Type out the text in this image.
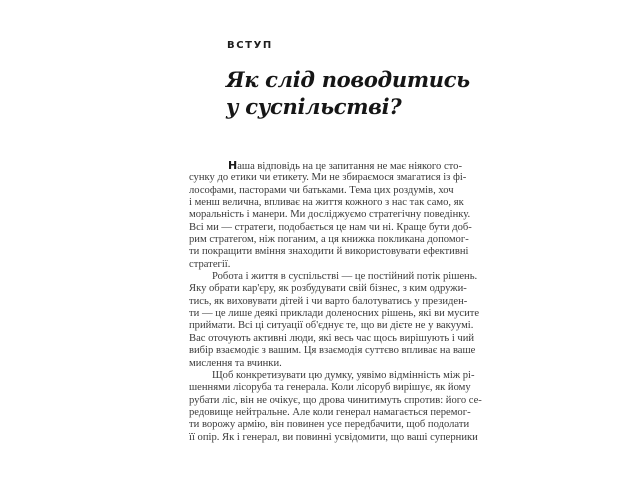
ВСТУП
Як слід поводитись
у суспільстві?
Наша відповідь на це запитання не має ніякого сто-
сунку до етики чи етикету. Ми не збираємося змагатися із фі-
лософами, пасторами чи батьками. Тема цих роздумів, хоч
і менш велична, впливає на життя кожного з нас так само, як
моральність і манери. Ми досліджуємо стратегічну поведінку.
Всі ми — стратеги, подобається це нам чи ні. Краще бути доб-
рим стратегом, ніж поганим, а ця книжка покликана допомог-
ти покращити вміння знаходити й використовувати ефективні
стратегії.
Робота і життя в суспільстві — це постійний потік рішень.
Яку обрати кар'єру, як розбудувати свій бізнес, з ким одружи-
тись, як виховувати дітей і чи варто балотуватись у президен-
ти — це лише деякі приклади доленосних рішень, які ви мусите
приймати. Всі ці ситуації об'єднує те, що ви дієте не у вакуумі.
Вас оточують активні люди, які весь час щось вирішують і чий
вибір взаємодіє з вашим. Ця взаємодія суттєво впливає на ваше
мислення та вчинки.
Щоб конкретизувати цю думку, уявімо відмінність між рі-
шеннями лісоруба та генерала. Коли лісоруб вирішує, як йому
рубати ліс, він не очікує, що дрова чинитимуть спротив: його се-
редовище нейтральне. Але коли генерал намагається перемог-
ти ворожу армію, він повинен усе передбачити, щоб подолати
її опір. Як і генерал, ви повинні усвідомити, що ваші суперники
